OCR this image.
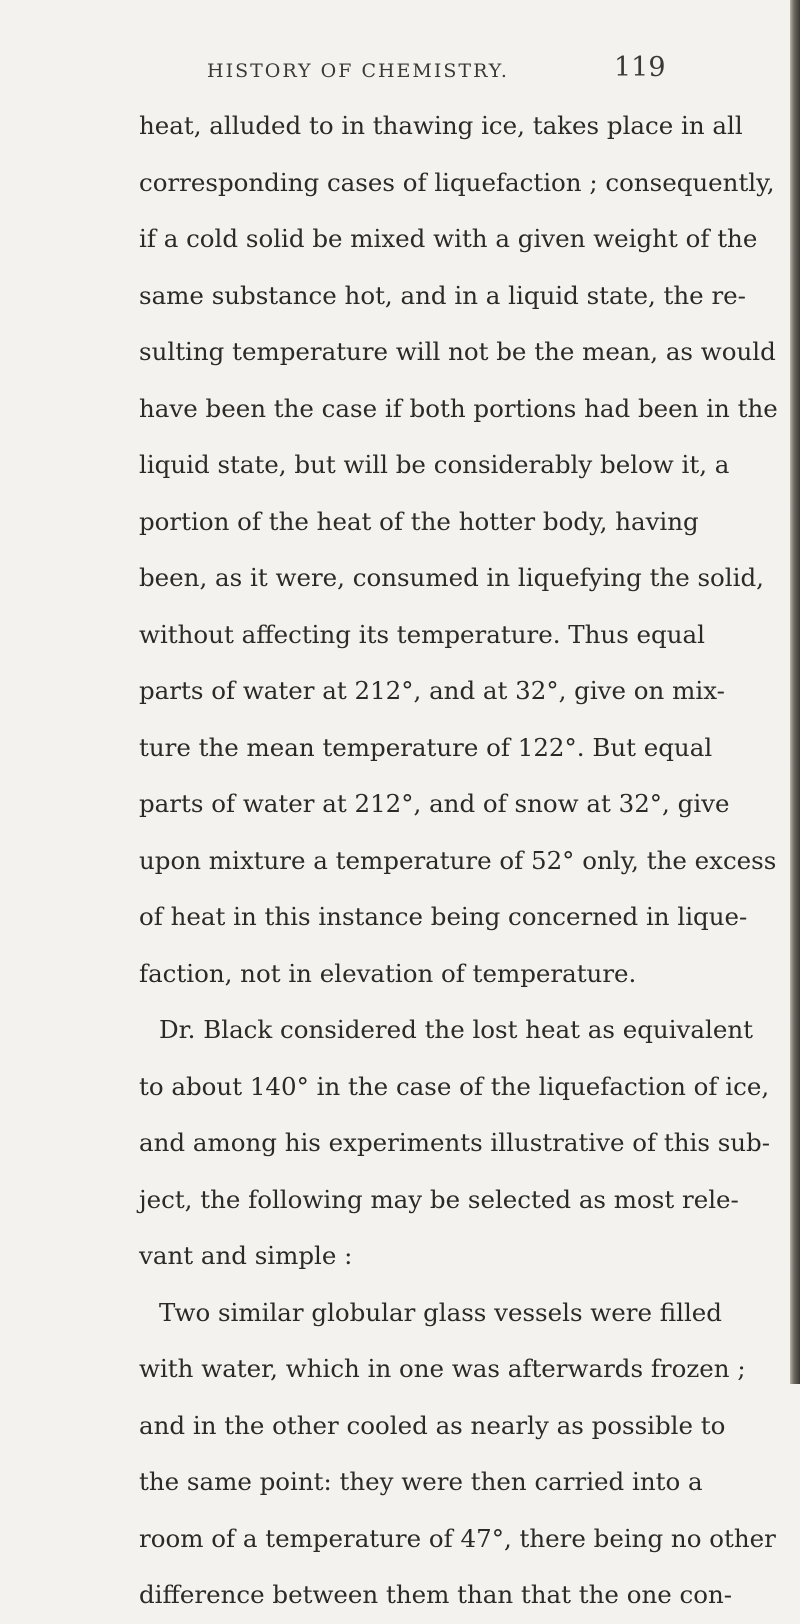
HISTORY OF CHEMISTRY.	119
heat, alluded to in thawing ice, takes place in all
corresponding cases of liquefaction ; consequently,
if a cold solid be mixed with a given weight of the
same substance hot, and in a liquid state, the re-
sulting temperature will not be the mean, as would
have been the case if both portions had been in the
liquid state, but will be considerably below it, a
portion of the heat of the hotter body, having
been, as it were, consumed in liquefying the solid,
without affecting its temperature. Thus equal
parts of water at 212°, and at 32°, give on mix-
ture the mean temperature of 122°. But equal
parts of water at 212°, and of snow at 32°, give
upon mixture a temperature of 52° only, the excess
of heat in this instance being concerned in lique-
faction, not in elevation of temperature.
Dr. Black considered the lost heat as equivalent
to about 140° in the case of the liquefaction of ice,
and among his experiments illustrative of this sub-
ject, the following may be selected as most rele-
vant and simple :
Two similar globular glass vessels were filled
with water, which in one was afterwards frozen ;
and in the other cooled as nearly as possible to
the same point: they were then carried into a
room of a temperature of 47°, there being no other
difference between them than that the one con-
